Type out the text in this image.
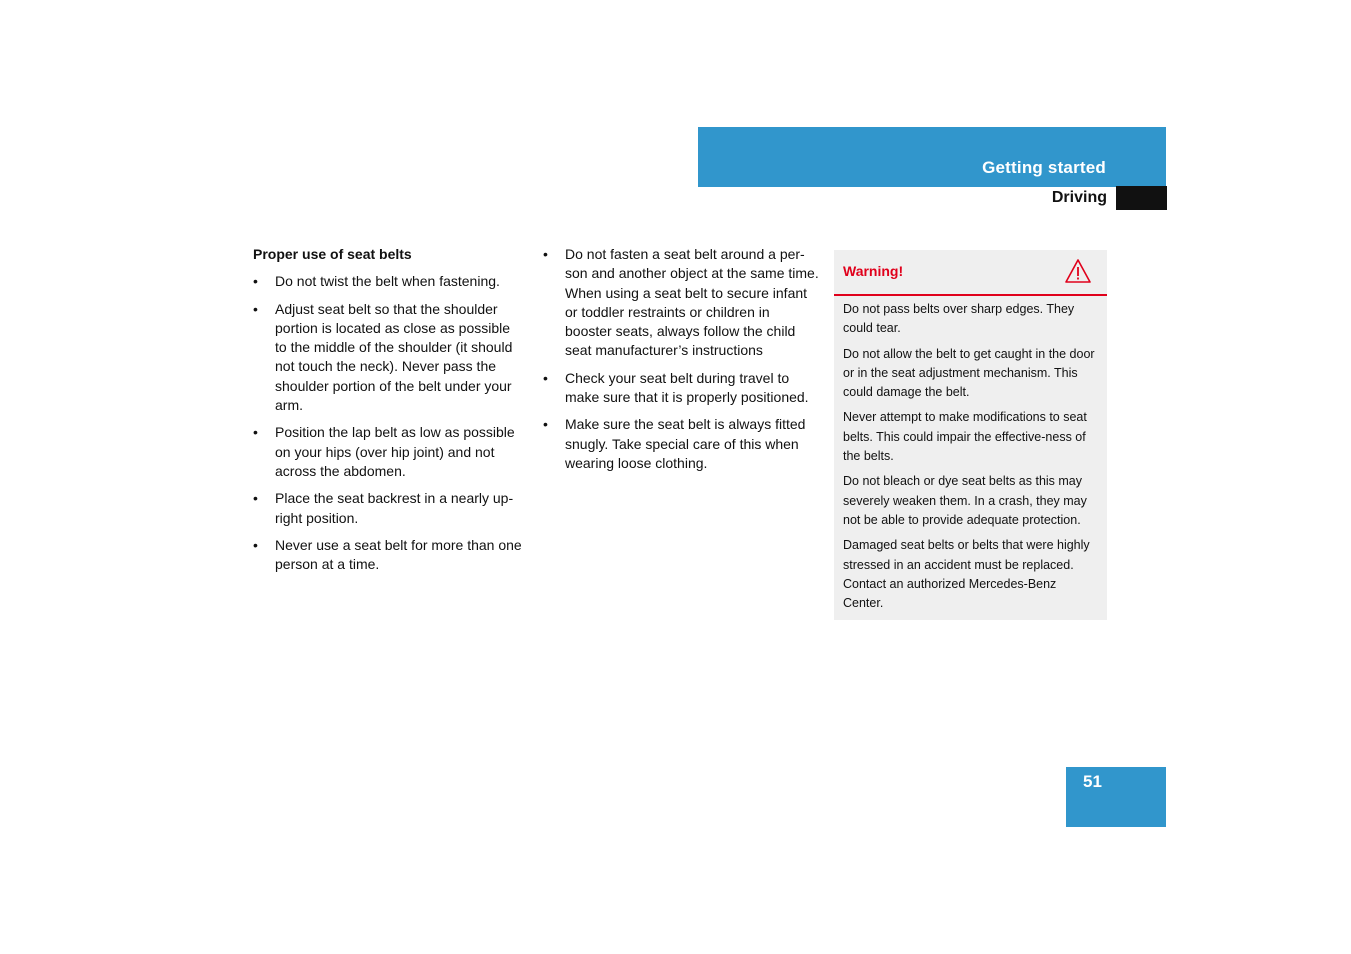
Getting started
Driving
Proper use of seat belts
• Do not twist the belt when fastening.
• Adjust seat belt so that the shoulder portion is located as close as possible to the middle of the shoulder (it should not touch the neck). Never pass the shoulder portion of the belt under your arm.
• Position the lap belt as low as possible on your hips (over hip joint) and not across the abdomen.
• Place the seat backrest in a nearly up-right position.
• Never use a seat belt for more than one person at a time.
• Do not fasten a seat belt around a per-son and another object at the same time. When using a seat belt to secure infant or toddler restraints or children in booster seats, always follow the child seat manufacturer’s instructions
• Check your seat belt during travel to make sure that it is properly positioned.
• Make sure the seat belt is always fitted snugly. Take special care of this when wearing loose clothing.
Warning!

Do not pass belts over sharp edges. They could tear.

Do not allow the belt to get caught in the door or in the seat adjustment mechanism. This could damage the belt.

Never attempt to make modifications to seat belts. This could impair the effective-ness of the belts.

Do not bleach or dye seat belts as this may severely weaken them. In a crash, they may not be able to provide adequate protection.

Damaged seat belts or belts that were highly stressed in an accident must be replaced. Contact an authorized Mercedes-Benz Center.

51
